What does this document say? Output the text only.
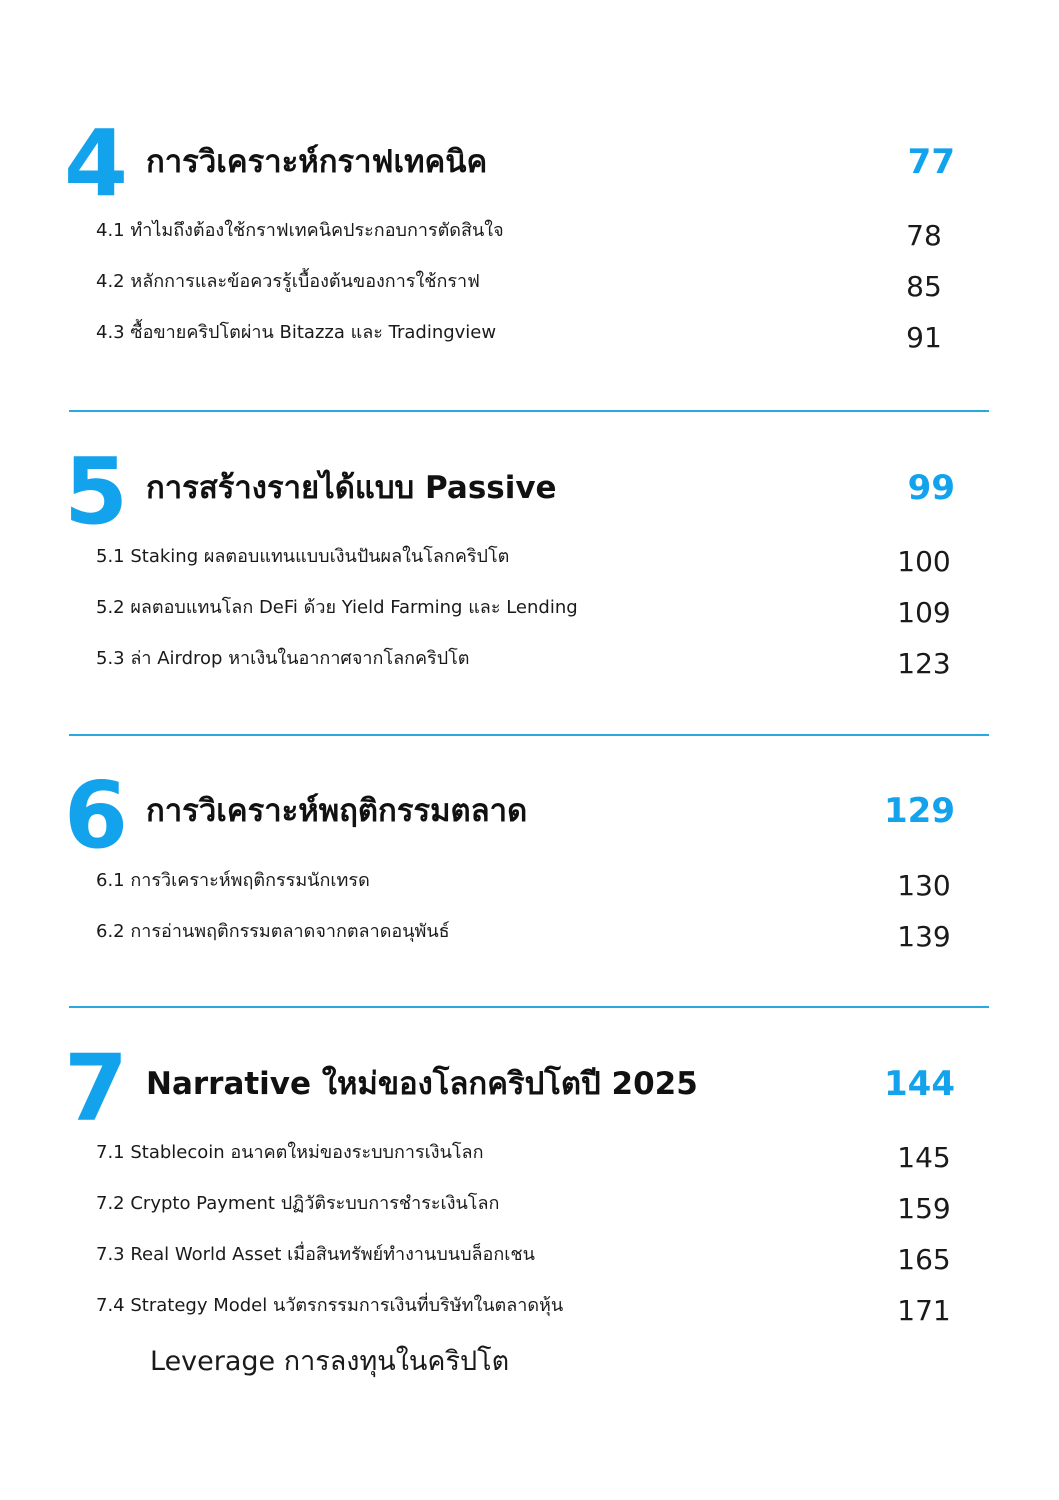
4 การวิเคราะห์กราฟเทคนิค	77
4.1 ทำไมถึงต้องใช้กราฟเทคนิคประกอบการตัดสินใจ	78
4.2 หลักการและข้อควรรู้เบื้องต้นของการใช้กราฟ	85
4.3 ซื้อขายคริปโตผ่าน Bitazza และ Tradingview	91
5 การสร้างรายได้แบบ Passive	99
5.1 Staking ผลตอบแทนแบบเงินปันผลในโลกคริปโต	100
5.2 ผลตอบแทนโลก DeFi ด้วย Yield Farming และ Lending	109
5.3 ล่า Airdrop หาเงินในอากาศจากโลกคริปโต	123
6 การวิเคราะห์พฤติกรรมตลาด	129
6.1 การวิเคราะห์พฤติกรรมนักเทรด	130
6.2 การอ่านพฤติกรรมตลาดจากตลาดอนุพันธ์	139
7 Narrative ใหม่ของโลกคริปโตปี 2025	144
7.1 Stablecoin อนาคตใหม่ของระบบการเงินโลก	145
7.2 Crypto Payment ปฏิวัติระบบการชำระเงินโลก	159
7.3 Real World Asset เมื่อสินทรัพย์ทำงานบนบล็อกเชน	165
7.4 Strategy Model นวัตรกรรมการเงินที่บริษัทในตลาดหุ้น	171
Leverage การลงทุนในคริปโต
